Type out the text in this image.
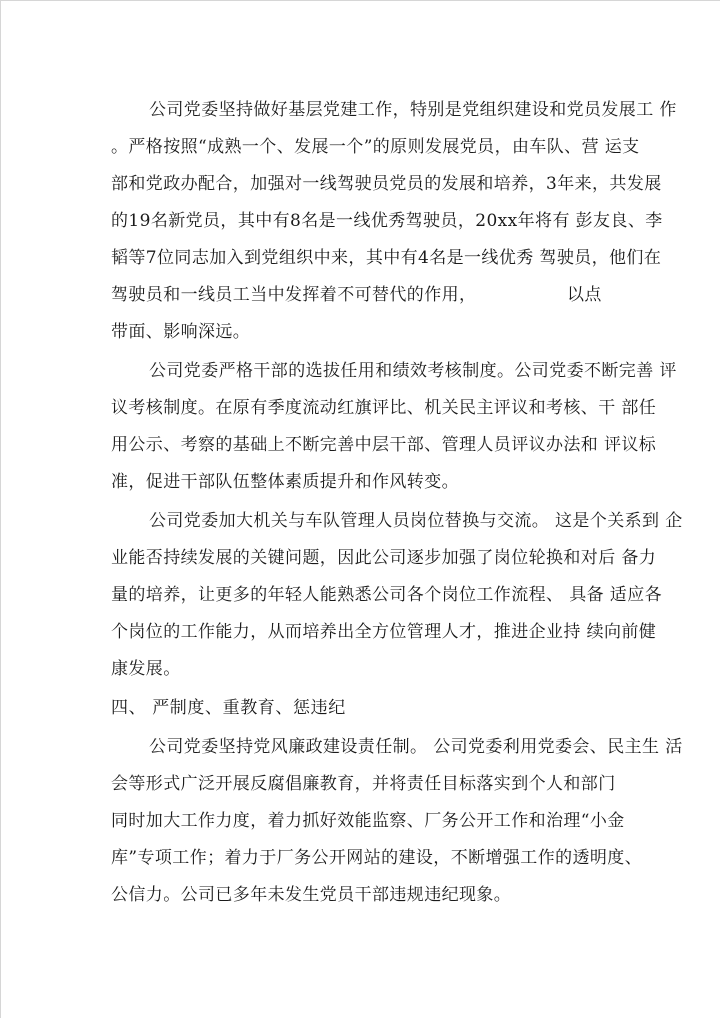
公司党委坚持做好基层党建工作，特别是党组织建设和党员发展工 作
。严格按照“成熟一个、发展一个”的原则发展党员，由车队、营 运支
部和党政办配合，加强对一线驾驶员党员的发展和培养，3年来，共发展
的19名新党员，其中有8名是一线优秀驾驶员，20xx年将有 彭友良、李
韬等7位同志加入到党组织中来，其中有4名是一线优秀 驾驶员，他们在
驾驶员和一线员工当中发挥着不可替代的作用，	以点
带面、影响深远。
公司党委严格干部的选拔任用和绩效考核制度。公司党委不断完善 评
议考核制度。在原有季度流动红旗评比、机关民主评议和考核、干 部任
用公示、考察的基础上不断完善中层干部、管理人员评议办法和 评议标
准，促进干部队伍整体素质提升和作风转变。
公司党委加大机关与车队管理人员岗位替换与交流。 这是个关系到 企
业能否持续发展的关键问题，因此公司逐步加强了岗位轮换和对后 备力
量的培养，让更多的年轻人能熟悉公司各个岗位工作流程、 具备 适应各
个岗位的工作能力，从而培养出全方位管理人才，推进企业持 续向前健
康发展。
四、 严制度、重教育、惩违纪
公司党委坚持党风廉政建设责任制。 公司党委利用党委会、民主生 活
会等形式广泛开展反腐倡廉教育，并将责任目标落实到个人和部门
同时加大工作力度，着力抓好效能监察、厂务公开工作和治理“小金
库”专项工作；着力于厂务公开网站的建设，不断增强工作的透明度、
公信力。公司已多年未发生党员干部违规违纪现象。
